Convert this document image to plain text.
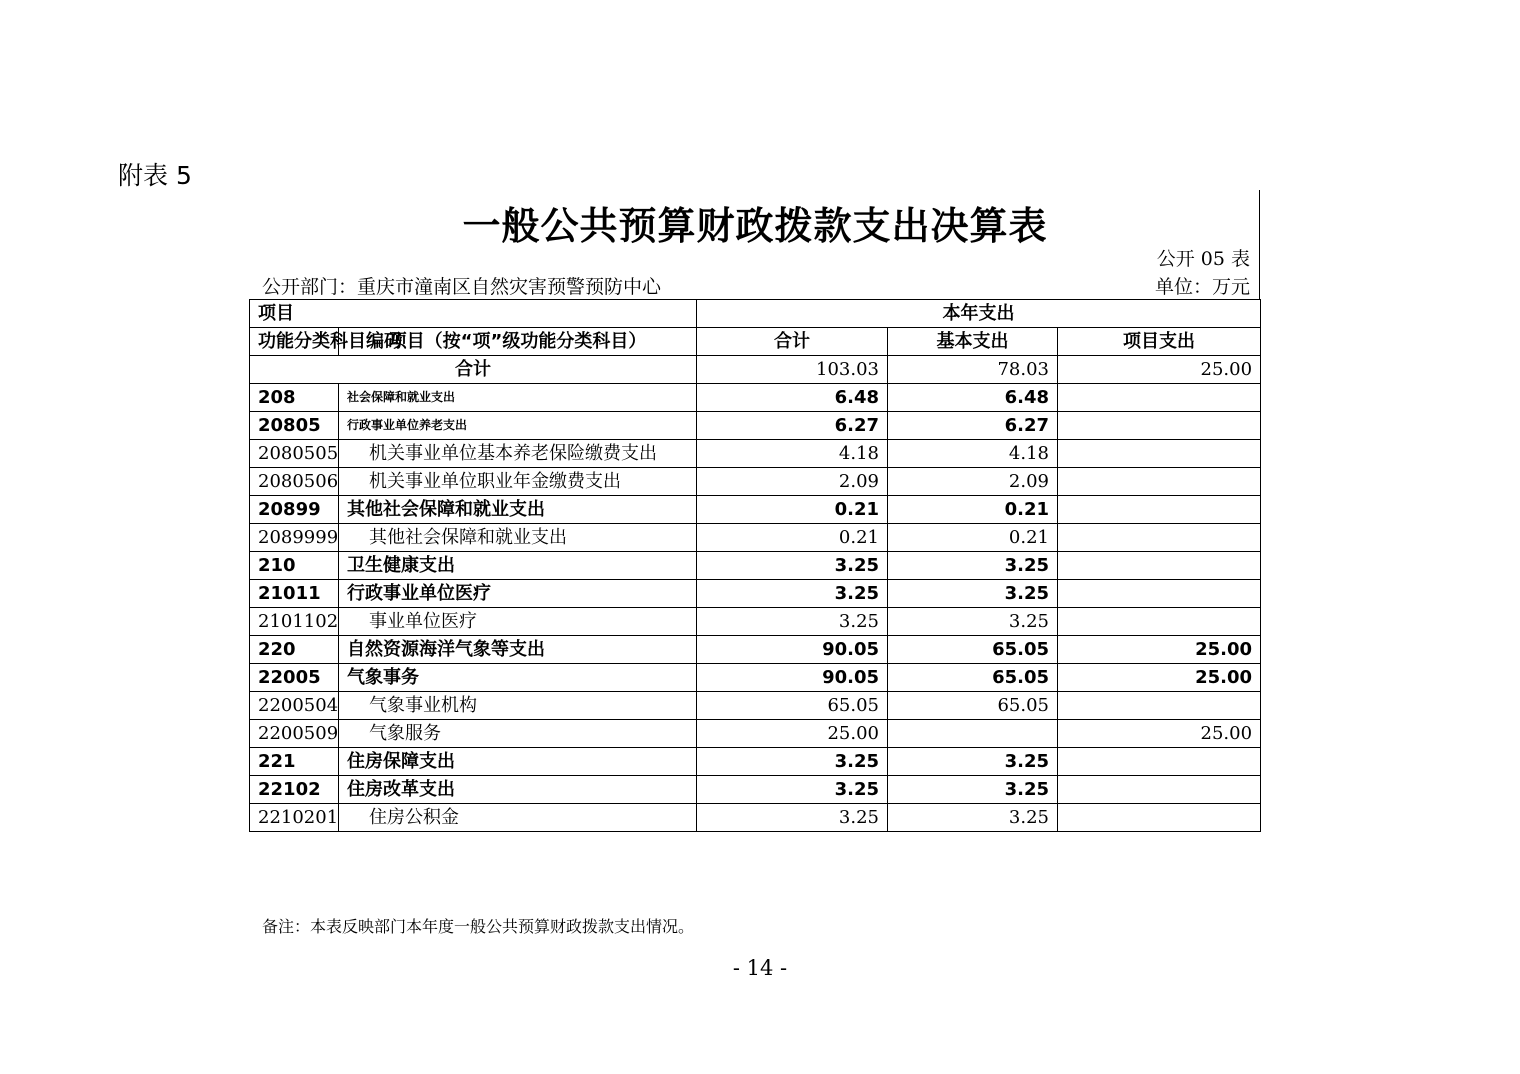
附表 5
一般公共预算财政拨款支出决算表
公开 05 表
公开部门：重庆市潼南区自然灾害预警预防中心	单位：万元
项目		本年支出		
功能分类科目编码	项目（按“项”级功能分类科目）	合计	基本支出	项目支出
合计		103.03	78.03	25.00
208	社会保障和就业支出	6.48	6.48	
20805	行政事业单位养老支出	6.27	6.27	
2080505	机关事业单位基本养老保险缴费支出	4.18	4.18	
2080506	机关事业单位职业年金缴费支出	2.09	2.09	
20899	其他社会保障和就业支出	0.21	0.21	
2089999	其他社会保障和就业支出	0.21	0.21	
210	卫生健康支出	3.25	3.25	
21011	行政事业单位医疗	3.25	3.25	
2101102	事业单位医疗	3.25	3.25	
220	自然资源海洋气象等支出	90.05	65.05	25.00
22005	气象事务	90.05	65.05	25.00
2200504	气象事业机构	65.05	65.05	
2200509	气象服务	25.00		25.00
221	住房保障支出	3.25	3.25	
22102	住房改革支出	3.25	3.25	
2210201	住房公积金	3.25	3.25	
备注：本表反映部门本年度一般公共预算财政拨款支出情况。
- 14 -
